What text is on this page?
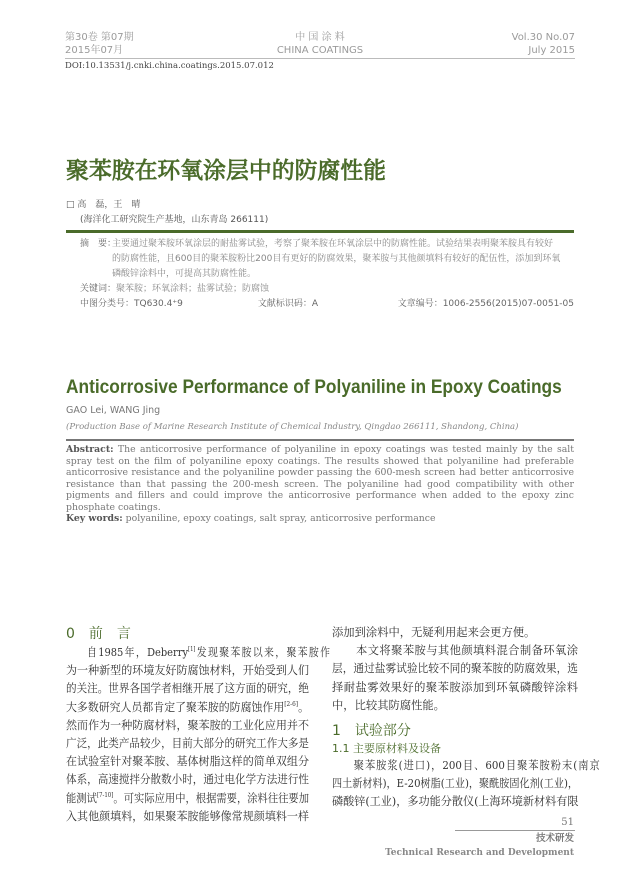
第30卷 第07期
2015年07月
中 国 涂 料
CHINA COATINGS
Vol.30 No.07
July 2015
DOI:10.13531/j.cnki.china.coatings.2015.07.012
聚苯胺在环氧涂层中的防腐性能
□ 高　磊，王　晴
(海洋化工研究院生产基地，山东青岛 266111)
摘　要：
主要通过聚苯胺环氧涂层的耐盐雾试验，考察了聚苯胺在环氧涂层中的防腐性能。试验结果表明聚苯胺具有较好
的防腐性能，且600目的聚苯胺粉比200目有更好的防腐效果，聚苯胺与其他颜填料有较好的配伍性，添加到环氧
磷酸锌涂料中，可提高其防腐性能。
关键词：聚苯胺；环氧涂料；盐雾试验；防腐蚀
中图分类号：TQ630.4⁺9	文献标识码：A	文章编号：1006-2556(2015)07-0051-05
Anticorrosive Performance of Polyaniline in Epoxy Coatings
GAO Lei, WANG Jing
(Production Base of Marine Research Institute of Chemical Industry, Qingdao 266111, Shandong, China)
Abstract: The anticorrosive performance of polyaniline in epoxy coatings was tested mainly by the salt spray test on the film of polyaniline epoxy coatings. The results showed that polyaniline had preferable anticorrosive resistance and the polyaniline powder passing the 600-mesh screen had better anticorrosive resistance than that passing the 200-mesh screen. The polyaniline had good compatibility with other pigments and fillers and could improve the anticorrosive performance when added to the epoxy zinc phosphate coatings.
Key words: polyaniline, epoxy coatings, salt spray, anticorrosive performance
0　前　言
自1985年，Deberry[1]发现聚苯胺以来，聚苯胺作
为一种新型的环境友好防腐蚀材料，开始受到人们
的关注。世界各国学者相继开展了这方面的研究，绝
大多数研究人员都肯定了聚苯胺的防腐蚀作用[2-6]。
然而作为一种防腐材料，聚苯胺的工业化应用并不
广泛，此类产品较少，目前大部分的研究工作大多是
在试验室针对聚苯胺、基体树脂这样的简单双组分
体系，高速搅拌分散数小时，通过电化学方法进行性
能测试[7-10]。可实际应用中，根据需要，涂料往往要加
入其他颜填料，如果聚苯胺能够像常规颜填料一样
添加到涂料中，无疑利用起来会更方便。
本文将聚苯胺与其他颜填料混合制备环氧涂
层，通过盐雾试验比较不同的聚苯胺的防腐效果，选
择耐盐雾效果好的聚苯胺添加到环氧磷酸锌涂料
中，比较其防腐性能。
1　试验部分
1.1 主要原材料及设备
聚苯胺浆(进口)，200目、600目聚苯胺粉末(南京
四土新材料)，E-20树脂(工业)，聚酰胺固化剂(工业)，
磷酸锌(工业)，多功能分散仪(上海环境新材料有限
51
技术研发
Technical Research and Development
